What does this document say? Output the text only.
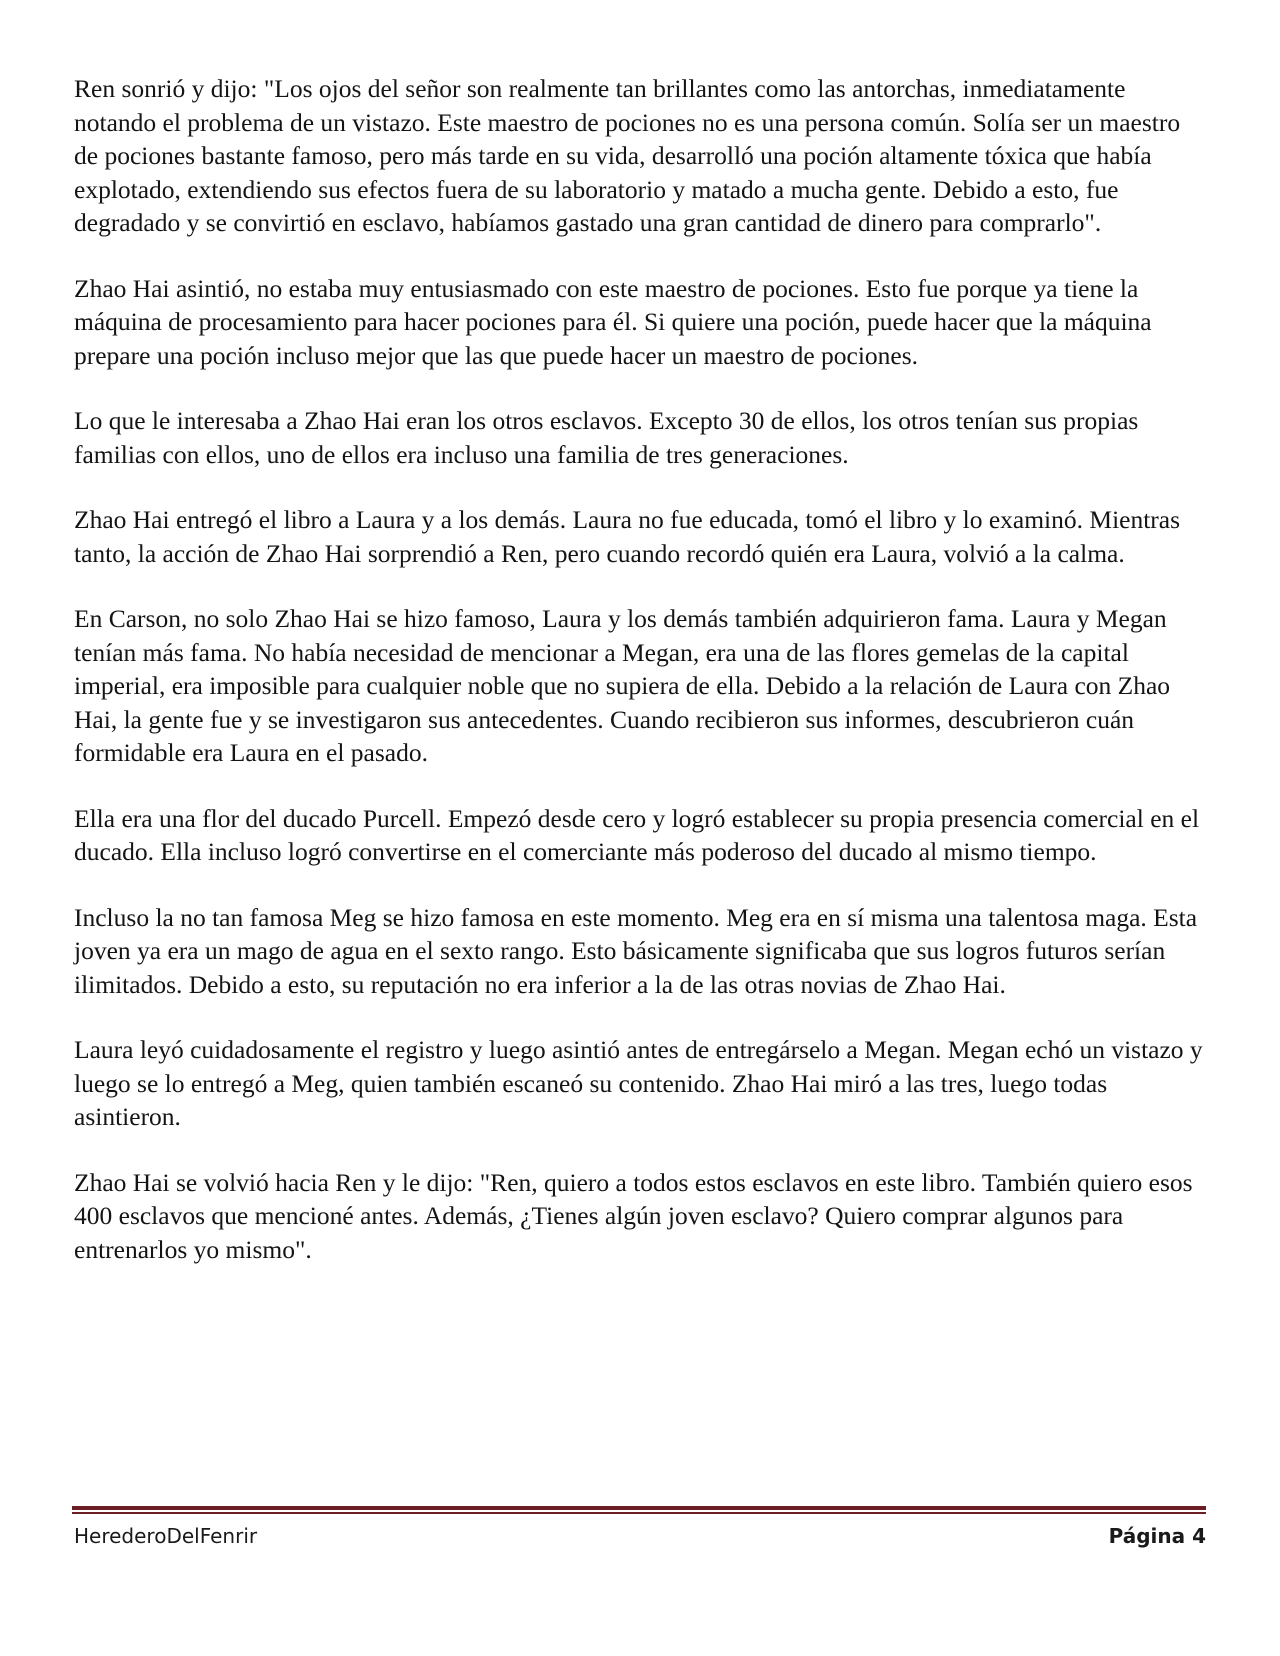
Ren sonrió y dijo: "Los ojos del señor son realmente tan brillantes como las antorchas, inmediatamente notando el problema de un vistazo. Este maestro de pociones no es una persona común. Solía ser un maestro de pociones bastante famoso, pero más tarde en su vida, desarrolló una poción altamente tóxica que había explotado, extendiendo sus efectos fuera de su laboratorio y matado a mucha gente. Debido a esto, fue degradado y se convirtió en esclavo, habíamos gastado una gran cantidad de dinero para comprarlo".

Zhao Hai asintió, no estaba muy entusiasmado con este maestro de pociones. Esto fue porque ya tiene la máquina de procesamiento para hacer pociones para él. Si quiere una poción, puede hacer que la máquina prepare una poción incluso mejor que las que puede hacer un maestro de pociones.

Lo que le interesaba a Zhao Hai eran los otros esclavos. Excepto 30 de ellos, los otros tenían sus propias familias con ellos, uno de ellos era incluso una familia de tres generaciones.

Zhao Hai entregó el libro a Laura y a los demás. Laura no fue educada, tomó el libro y lo examinó. Mientras tanto, la acción de Zhao Hai sorprendió a Ren, pero cuando recordó quién era Laura, volvió a la calma.

En Carson, no solo Zhao Hai se hizo famoso, Laura y los demás también adquirieron fama. Laura y Megan tenían más fama. No había necesidad de mencionar a Megan, era una de las flores gemelas de la capital imperial, era imposible para cualquier noble que no supiera de ella. Debido a la relación de Laura con Zhao Hai, la gente fue y se investigaron sus antecedentes. Cuando recibieron sus informes, descubrieron cuán formidable era Laura en el pasado.

Ella era una flor del ducado Purcell. Empezó desde cero y logró establecer su propia presencia comercial en el ducado. Ella incluso logró convertirse en el comerciante más poderoso del ducado al mismo tiempo.

Incluso la no tan famosa Meg se hizo famosa en este momento. Meg era en sí misma una talentosa maga. Esta joven ya era un mago de agua en el sexto rango. Esto básicamente significaba que sus logros futuros serían ilimitados. Debido a esto, su reputación no era inferior a la de las otras novias de Zhao Hai.

Laura leyó cuidadosamente el registro y luego asintió antes de entregárselo a Megan. Megan echó un vistazo y luego se lo entregó a Meg, quien también escaneó su contenido. Zhao Hai miró a las tres, luego todas asintieron.

Zhao Hai se volvió hacia Ren y le dijo: "Ren, quiero a todos estos esclavos en este libro. También quiero esos 400 esclavos que mencioné antes. Además, ¿Tienes algún joven esclavo? Quiero comprar algunos para entrenarlos yo mismo".

HerederoDelFenrir	Página 4
